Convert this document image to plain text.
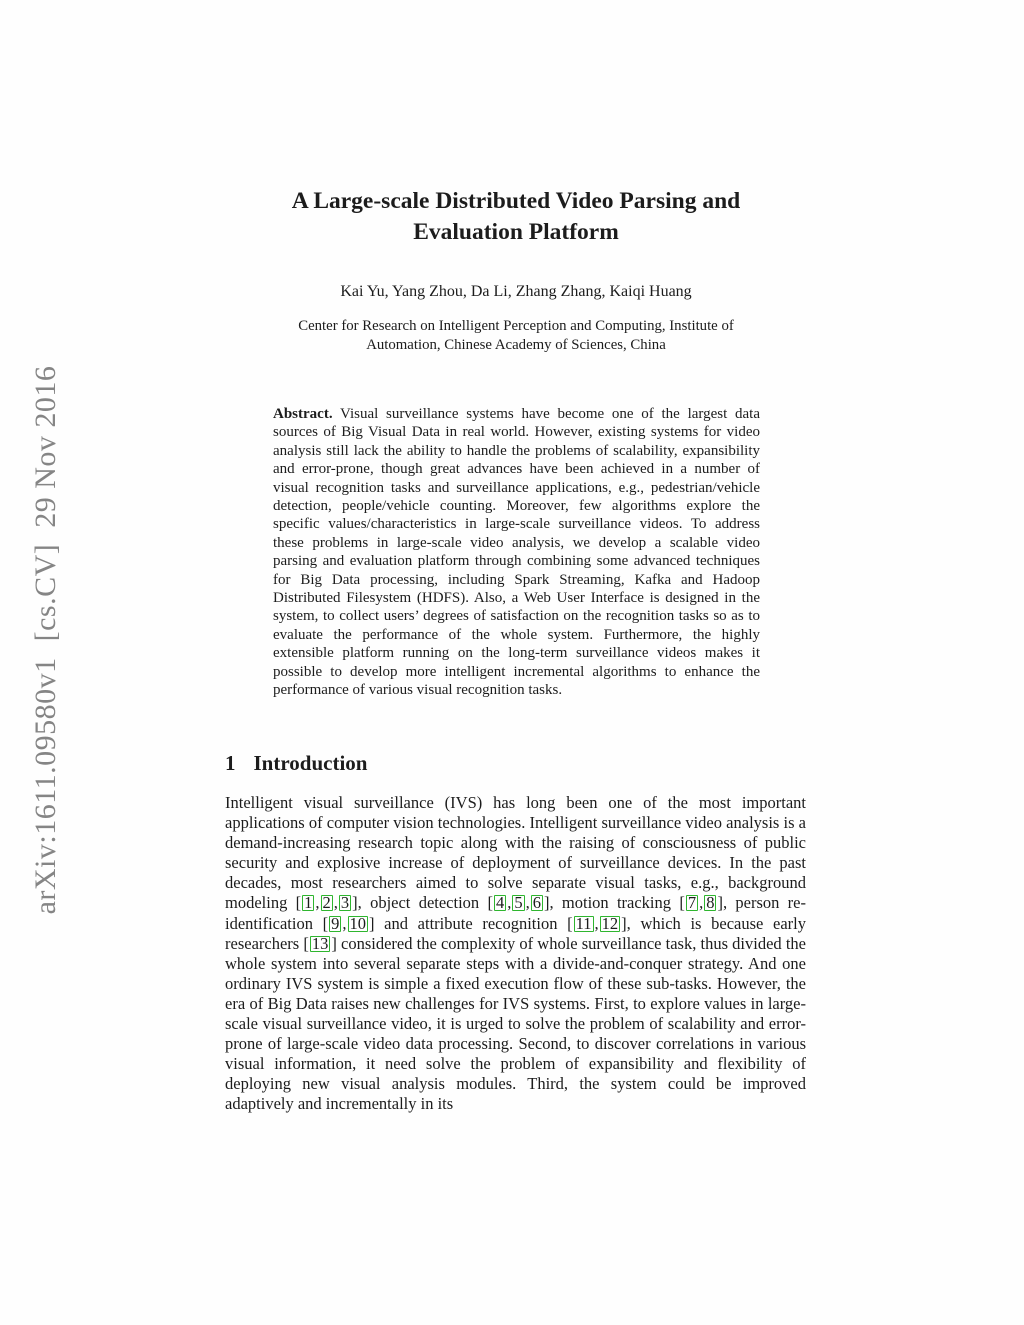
arXiv:1611.09580v1  [cs.CV]  29 Nov 2016
A Large-scale Distributed Video Parsing and
Evaluation Platform
Kai Yu, Yang Zhou, Da Li, Zhang Zhang, Kaiqi Huang
Center for Research on Intelligent Perception and Computing, Institute of
Automation, Chinese Academy of Sciences, China
Abstract. Visual surveillance systems have become one of the largest data sources of Big Visual Data in real world. However, existing systems for video analysis still lack the ability to handle the problems of scalability, expansibility and error-prone, though great advances have been achieved in a number of visual recognition tasks and surveillance applications, e.g., pedestrian/vehicle detection, people/vehicle counting. Moreover, few algorithms explore the specific values/characteristics in large-scale surveillance videos. To address these problems in large-scale video analysis, we develop a scalable video parsing and evaluation platform through combining some advanced techniques for Big Data processing, including Spark Streaming, Kafka and Hadoop Distributed Filesystem (HDFS). Also, a Web User Interface is designed in the system, to collect users’ degrees of satisfaction on the recognition tasks so as to evaluate the performance of the whole system. Furthermore, the highly extensible platform running on the long-term surveillance videos makes it possible to develop more intelligent incremental algorithms to enhance the performance of various visual recognition tasks.
1 Introduction
Intelligent visual surveillance (IVS) has long been one of the most important applications of computer vision technologies. Intelligent surveillance video analysis is a demand-increasing research topic along with the raising of consciousness of public security and explosive increase of deployment of surveillance devices. In the past decades, most researchers aimed to solve separate visual tasks, e.g., background modeling [ 1 , 2 , 3 ], object detection [ 4 , 5 , 6 ], motion tracking [ 7 , 8 ], person re-identification [ 9 , 10 ] and attribute recognition [ 11 , 12 ], which is because early researchers [ 13 ] considered the complexity of whole surveillance task, thus divided the whole system into several separate steps with a divide-and-conquer strategy. And one ordinary IVS system is simple a fixed execution flow of these sub-tasks. However, the era of Big Data raises new challenges for IVS systems. First, to explore values in large-scale visual surveillance video, it is urged to solve the problem of scalability and error-prone of large-scale video data processing. Second, to discover correlations in various visual information, it need solve the problem of expansibility and flexibility of deploying new visual analysis modules. Third, the system could be improved adaptively and incrementally in its
